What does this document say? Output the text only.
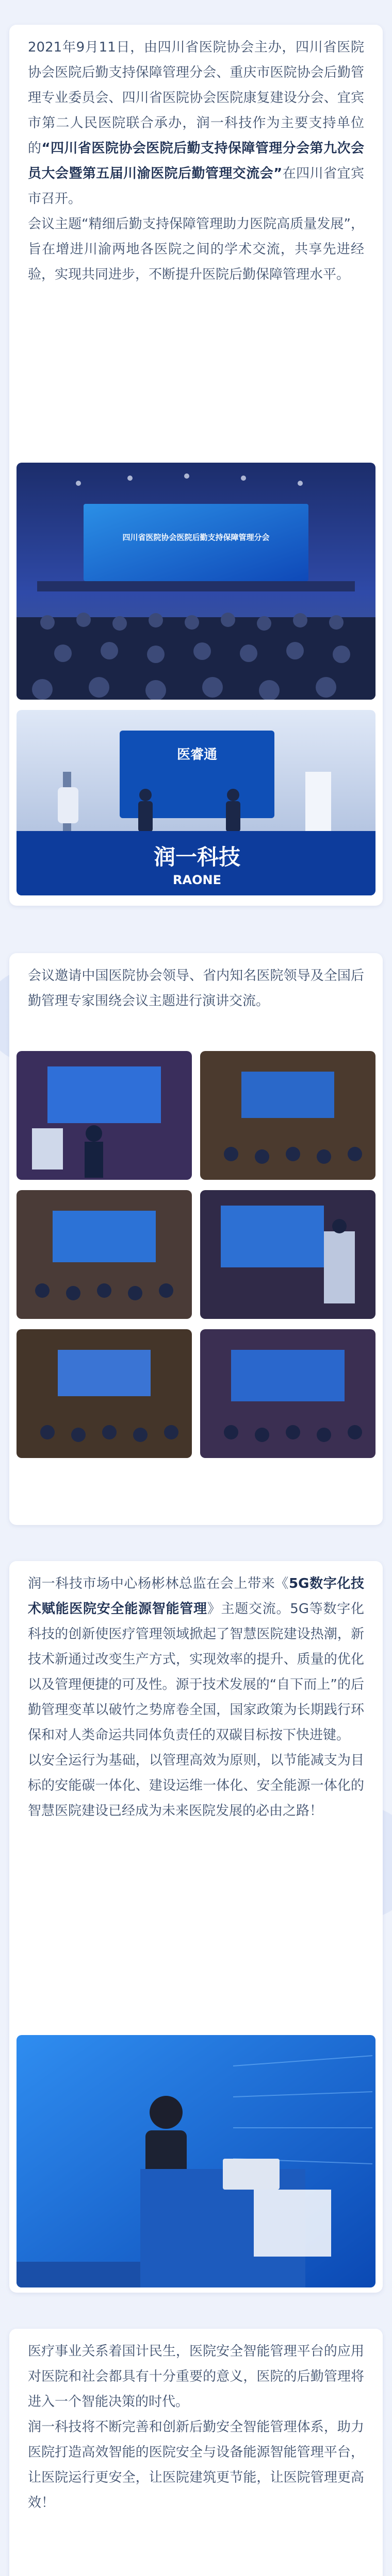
2021年9月11日，由四川省医院协会主办，四川省医院协会医院后勤支持保障管理分会、重庆市医院协会后勤管理专业委员会、四川省医院协会医院康复建设分会、宜宾市第二人民医院联合承办，润一科技作为主要支持单位的“四川省医院协会医院后勤支持保障管理分会第九次会员大会暨第五届川渝医院后勤管理交流会”在四川省宜宾市召开。

会议主题“精细后勤支持保障管理助力医院高质量发展”，旨在增进川渝两地各医院之间的学术交流，共享先进经验，实现共同进步，不断提升医院后勤保障管理水平。

四川省医院协会医院后勤支持保障管理分会
医睿通
润一科技
RAONE

会议邀请中国医院协会领导、省内知名医院领导及全国后勤管理专家围绕会议主题进行演讲交流。

润一科技市场中心杨彬林总监在会上带来《5G数字化技术赋能医院安全能源智能管理》主题交流。5G等数字化科技的创新使医疗管理领域掀起了智慧医院建设热潮，新技术新通过改变生产方式，实现效率的提升、质量的优化以及管理便捷的可及性。源于技术发展的“自下而上”的后勤管理变革以破竹之势席卷全国，国家政策为长期践行环保和对人类命运共同体负责任的双碳目标按下快进键。

以安全运行为基础，以管理高效为原则，以节能减支为目标的安能碳一体化、建设运维一体化、安全能源一体化的智慧医院建设已经成为未来医院发展的必由之路！

医疗事业关系着国计民生，医院安全智能管理平台的应用对医院和社会都具有十分重要的意义，医院的后勤管理将进入一个智能决策的时代。

润一科技将不断完善和创新后勤安全智能管理体系，助力医院打造高效智能的医院安全与设备能源智能管理平台，让医院运行更安全，让医院建筑更节能，让医院管理更高效！
